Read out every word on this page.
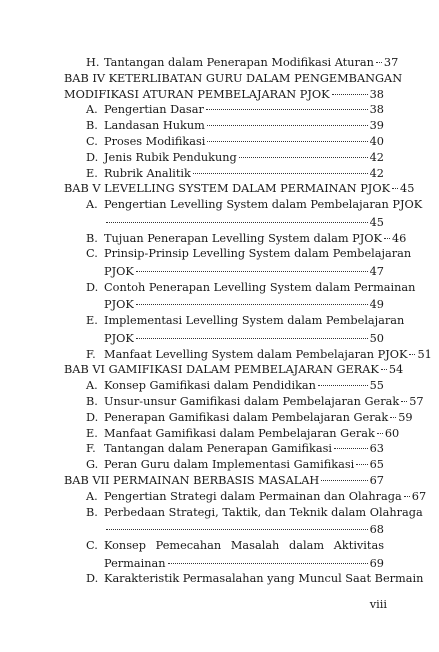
H. Tantangan dalam Penerapan Modifikasi Aturan 37
BAB IV KETERLIBATAN GURU DALAM PENGEMBANGAN
MODIFIKASI ATURAN PEMBELAJARAN PJOK	38
A. Pengertian Dasar	38
B. Landasan Hukum	39
C. Proses Modifikasi	40
D. Jenis Rubik Pendukung	42
E. Rubrik Analitik	42
BAB V LEVELLING SYSTEM DALAM PERMAINAN PJOK 45
A. Pengertian Levelling System dalam Pembelajaran PJOK
45
B. Tujuan Penerapan Levelling System dalam PJOK 46
C. Prinsip-Prinsip Levelling System dalam Pembelajaran
PJOK	47
D. Contoh Penerapan Levelling System dalam Permainan
PJOK	49
E. Implementasi Levelling System dalam Pembelajaran
PJOK	50
F. Manfaat Levelling System dalam Pembelajaran PJOK 51
BAB VI GAMIFIKASI DALAM PEMBELAJARAN GERAK 54
A. Konsep Gamifikasi dalam Pendidikan	55
B. Unsur-unsur Gamifikasi dalam Pembelajaran Gerak 57
D. Penerapan Gamifikasi dalam Pembelajaran Gerak 59
E. Manfaat Gamifikasi dalam Pembelajaran Gerak 60
F. Tantangan dalam Penerapan Gamifikasi	63
G. Peran Guru dalam Implementasi Gamifikasi 65
BAB VII PERMAINAN BERBASIS MASALAH	67
A. Pengertian Strategi dalam Permainan dan Olahraga 67
B. Perbedaan Strategi, Taktik, dan Teknik dalam Olahraga
68
C. Konsep Pemecahan Masalah dalam Aktivitas
Permainan	69
D. Karakteristik Permasalahan yang Muncul Saat Bermain
viii
